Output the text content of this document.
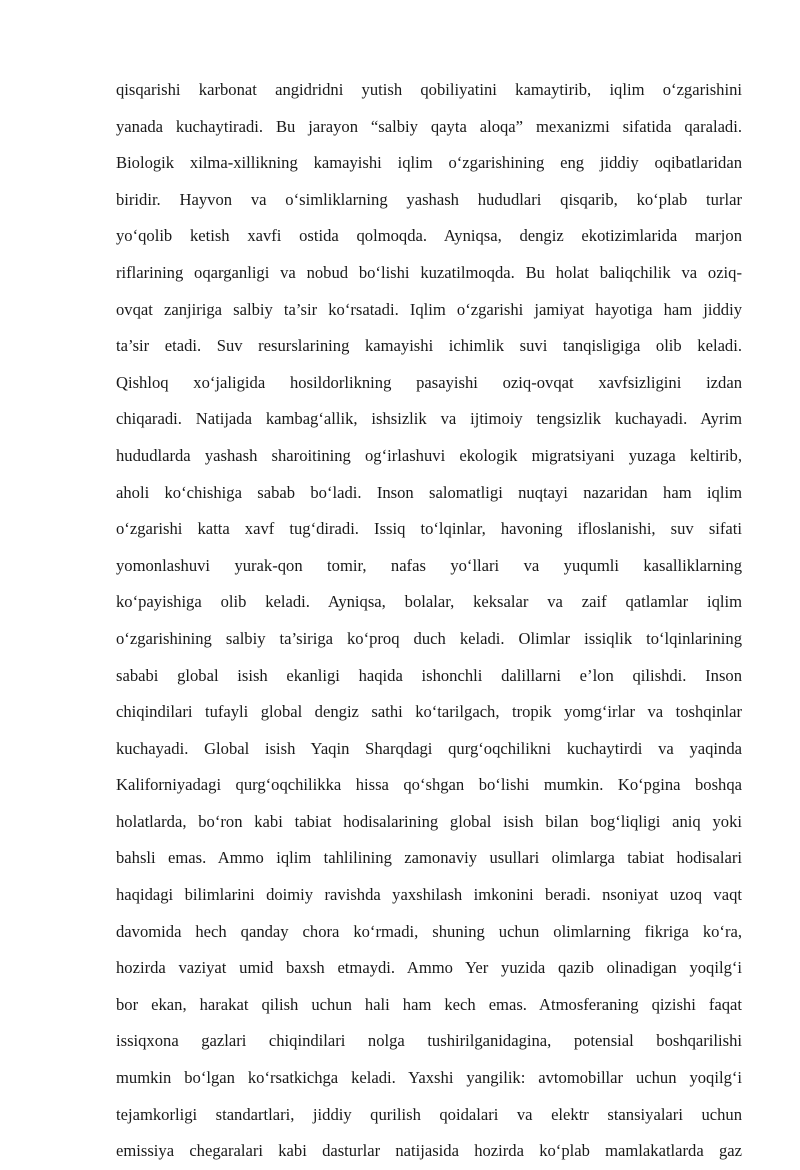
qisqarishi karbonat angidridni yutish qobiliyatini kamaytirib, iqlim o‘zgarishini
yanada kuchaytiradi. Bu jarayon “salbiy qayta aloqa” mexanizmi sifatida qaraladi.
Biologik xilma-xillikning kamayishi iqlim o‘zgarishining eng jiddiy oqibatlaridan
biridir. Hayvon va o‘simliklarning yashash hududlari qisqarib, ko‘plab turlar
yo‘qolib ketish xavfi ostida qolmoqda. Ayniqsa, dengiz ekotizimlarida marjon
riflarining oqarganligi va nobud bo‘lishi kuzatilmoqda. Bu holat baliqchilik va oziq-
ovqat zanjiriga salbiy ta’sir ko‘rsatadi. Iqlim o‘zgarishi jamiyat hayotiga ham jiddiy
ta’sir etadi. Suv resurslarining kamayishi ichimlik suvi tanqisligiga olib keladi.
Qishloq xo‘jaligida hosildorlikning pasayishi oziq-ovqat xavfsizligini izdan
chiqaradi. Natijada kambag‘allik, ishsizlik va ijtimoiy tengsizlik kuchayadi. Ayrim
hududlarda yashash sharoitining og‘irlashuvi ekologik migratsiyani yuzaga keltirib,
aholi ko‘chishiga sabab bo‘ladi. Inson salomatligi nuqtayi nazaridan ham iqlim
o‘zgarishi katta xavf tug‘diradi. Issiq to‘lqinlar, havoning ifloslanishi, suv sifati
yomonlashuvi yurak-qon tomir, nafas yo‘llari va yuqumli kasalliklarning
ko‘payishiga olib keladi. Ayniqsa, bolalar, keksalar va zaif qatlamlar iqlim
o‘zgarishining salbiy ta’siriga ko‘proq duch keladi. Olimlar issiqlik to‘lqinlarining
sababi global isish ekanligi haqida ishonchli dalillarni e’lon qilishdi. Inson
chiqindilari tufayli global dengiz sathi ko‘tarilgach, tropik yomg‘irlar va toshqinlar
kuchayadi. Global isish Yaqin Sharqdagi qurg‘oqchilikni kuchaytirdi va yaqinda
Kaliforniyadagi qurg‘oqchilikka hissa qo‘shgan bo‘lishi mumkin. Ko‘pgina boshqa
holatlarda, bo‘ron kabi tabiat hodisalarining global isish bilan bog‘liqligi aniq yoki
bahsli emas. Ammo iqlim tahlilining zamonaviy usullari olimlarga tabiat hodisalari
haqidagi bilimlarini doimiy ravishda yaxshilash imkonini beradi. nsoniyat uzoq vaqt
davomida hech qanday chora ko‘rmadi, shuning uchun olimlarning fikriga ko‘ra,
hozirda vaziyat umid baxsh etmaydi. Ammo Yer yuzida qazib olinadigan yoqilg‘i
bor ekan, harakat qilish uchun hali ham kech emas. Atmosferaning qizishi faqat
issiqxona gazlari chiqindilari nolga tushirilganidagina, potensial boshqarilishi
mumkin bo‘lgan ko‘rsatkichga keladi. Yaxshi yangilik: avtomobillar uchun yoqilg‘i
tejamkorligi standartlari, jiddiy qurilish qoidalari va elektr stansiyalari uchun
emissiya chegaralari kabi dasturlar natijasida hozirda ko‘plab mamlakatlarda gaz
